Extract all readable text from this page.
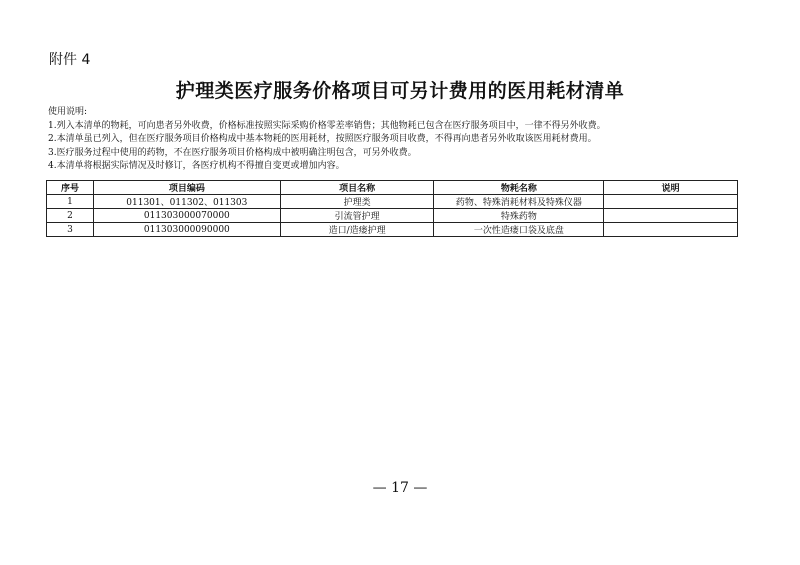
附件 4
护理类医疗服务价格项目可另计费用的医用耗材清单
使用说明:
1.列入本清单的物耗，可向患者另外收费，价格标准按照实际采购价格零差率销售；其他物耗已包含在医疗服务项目中，一律不得另外收费。
2.本清单虽已列入，但在医疗服务项目价格构成中基本物耗的医用耗材，按照医疗服务项目收费，不得再向患者另外收取该医用耗材费用。
3.医疗服务过程中使用的药物，不在医疗服务项目价格构成中被明确注明包含，可另外收费。
4.本清单将根据实际情况及时修订，各医疗机构不得擅自变更或增加内容。
序号	项目编码	项目名称	物耗名称	说明
1	011301、011302、011303	护理类	药物、特殊消耗材料及特殊仪器	
2	011303000070000	引流管护理	特殊药物	
3	011303000090000	造口/造瘘护理	一次性造瘘口袋及底盘	
— 17 —
